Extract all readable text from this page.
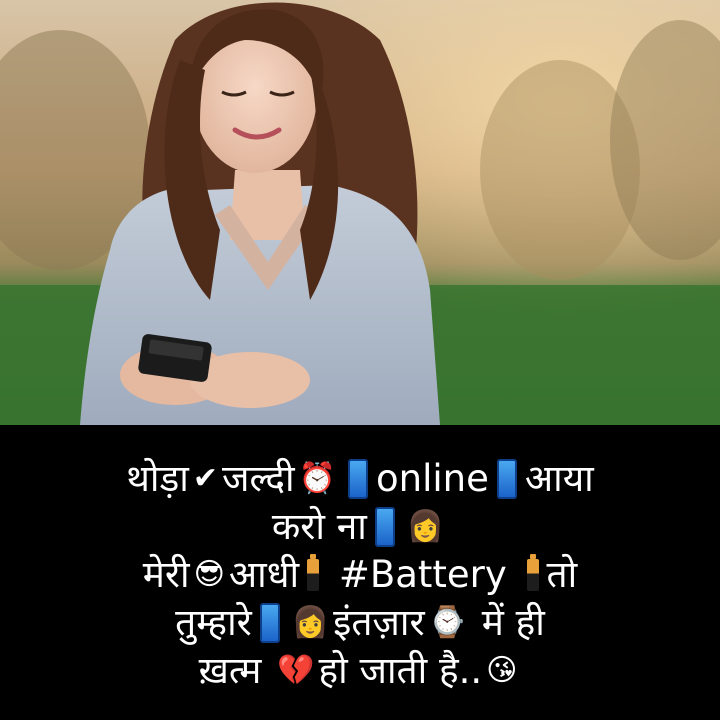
थोड़ा ✔ जल्दी ⏰ online आया
करो ना 👩
मेरी 😎 आधी #Battery तो
तुम्हारे 👩 इंतज़ार ⌚ में ही
ख़त्म 💔 हो जाती है.. 😘
